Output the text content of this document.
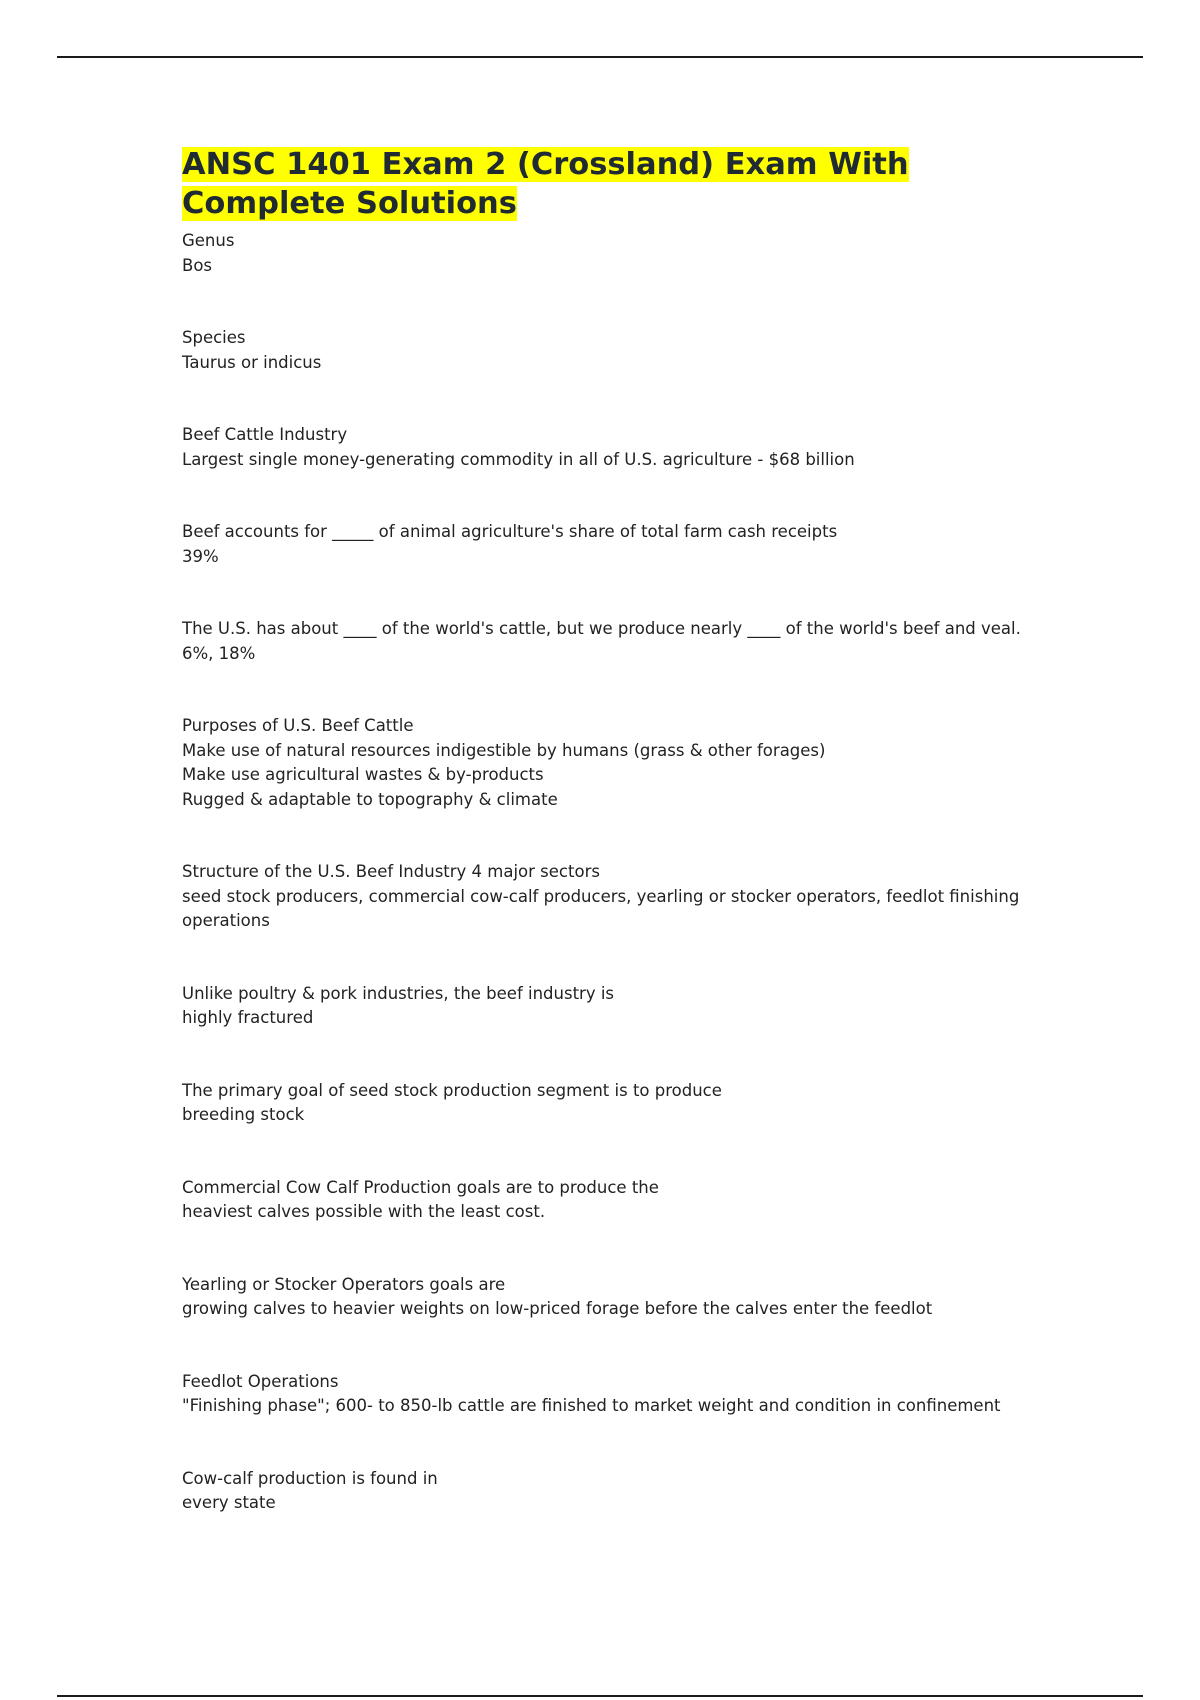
ANSC 1401 Exam 2 (Crossland) Exam With Complete Solutions
Genus
Bos
Species
Taurus or indicus
Beef Cattle Industry
Largest single money-generating commodity in all of U.S. agriculture - $68 billion
Beef accounts for _____ of animal agriculture's share of total farm cash receipts
39%
The U.S. has about ____ of the world's cattle, but we produce nearly ____ of the world's beef and veal.
6%, 18%
Purposes of U.S. Beef Cattle
Make use of natural resources indigestible by humans (grass & other forages)
Make use agricultural wastes & by-products
Rugged & adaptable to topography & climate
Structure of the U.S. Beef Industry 4 major sectors
seed stock producers, commercial cow-calf producers, yearling or stocker operators, feedlot finishing operations
Unlike poultry & pork industries, the beef industry is
highly fractured
The primary goal of seed stock production segment is to produce
breeding stock
Commercial Cow Calf Production goals are to produce the
heaviest calves possible with the least cost.
Yearling or Stocker Operators goals are
growing calves to heavier weights on low-priced forage before the calves enter the feedlot
Feedlot Operations
"Finishing phase"; 600- to 850-lb cattle are finished to market weight and condition in confinement
Cow-calf production is found in
every state
